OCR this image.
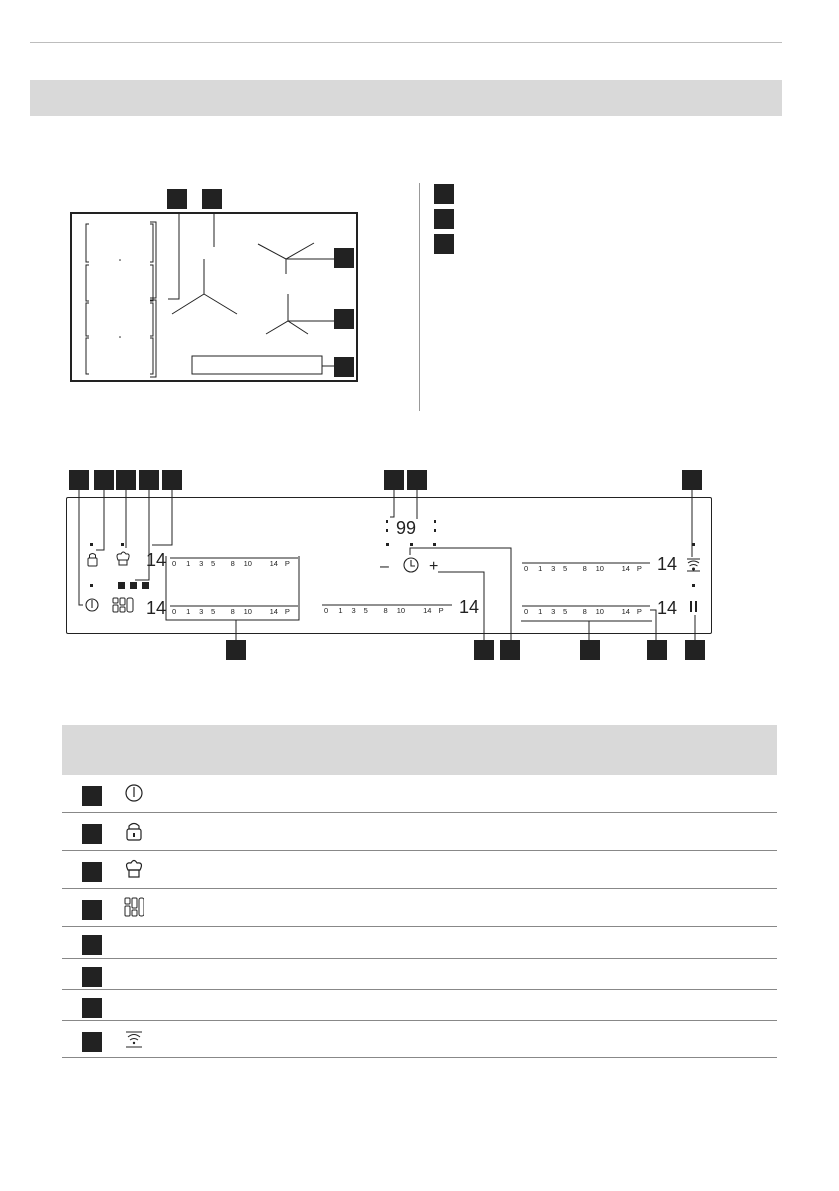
99
–	+
0 1 3 5 8 10 14 P
14
0 1 3 5 8 10 14 P
14	0 1 3 5 8 10 14 P 14
0 1 3 5 8 10 14 P 14
0 1 3 5 8 10 14 P 14
